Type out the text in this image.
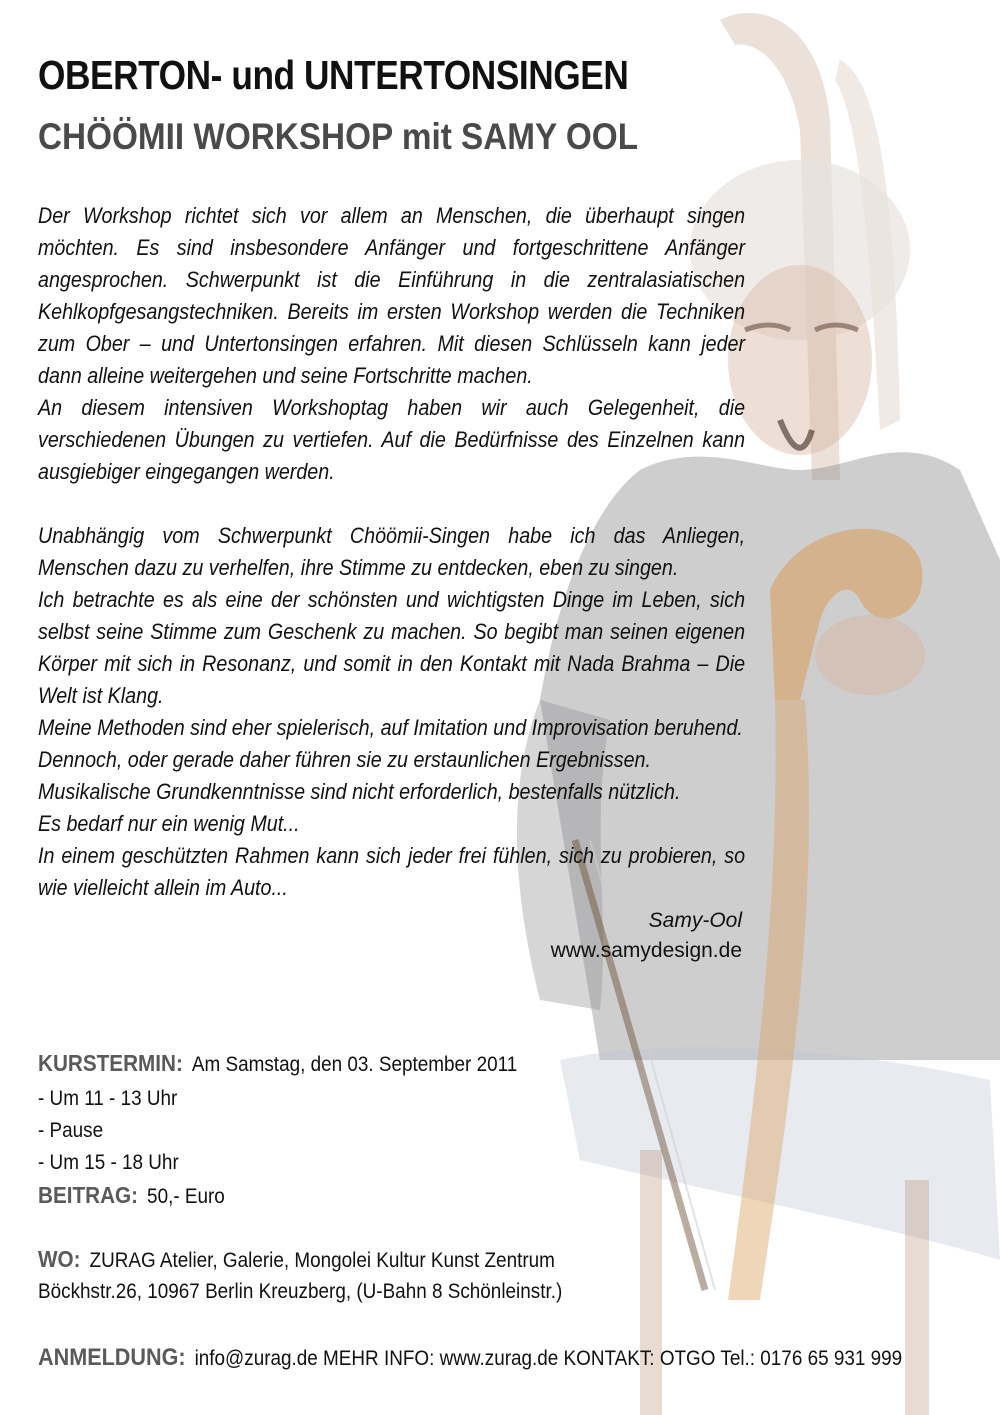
OBERTON- und UNTERTONSINGEN
CHÖÖMII WORKSHOP mit SAMY OOL

Der Workshop richtet sich vor allem an Menschen, die überhaupt singen möchten. Es sind insbesondere Anfänger und fortgeschrittene Anfänger angesprochen. Schwerpunkt ist die Einführung in die zentralasiatischen Kehlkopfgesangstechniken. Bereits im ersten Workshop werden die Techniken zum Ober – und Untertonsingen erfahren. Mit diesen Schlüsseln kann jeder dann alleine weitergehen und seine Fortschritte machen.

An diesem intensiven Workshoptag haben wir auch Gelegenheit, die verschiedenen Übungen zu vertiefen. Auf die Bedürfnisse des Einzelnen kann ausgiebiger eingegangen werden.

Unabhängig vom Schwerpunkt Chöömii-Singen habe ich das Anliegen, Menschen dazu zu verhelfen, ihre Stimme zu entdecken, eben zu singen.

Ich betrachte es als eine der schönsten und wichtigsten Dinge im Leben, sich selbst seine Stimme zum Geschenk zu machen. So begibt man seinen eigenen Körper mit sich in Resonanz, und somit in den Kontakt mit Nada Brahma – Die Welt ist Klang.

Meine Methoden sind eher spielerisch, auf Imitation und Improvisation beruhend.

Dennoch, oder gerade daher führen sie zu erstaunlichen Ergebnissen.

Musikalische Grundkenntnisse sind nicht erforderlich, bestenfalls nützlich.

Es bedarf nur ein wenig Mut...

In einem geschützten Rahmen kann sich jeder frei fühlen, sich zu probieren, so wie vielleicht allein im Auto...

Samy-Ool
www.samydesign.de
KURSTERMIN: Am Samstag, den 03. September 2011
- Um 11 - 13 Uhr
- Pause
- Um 15 - 18 Uhr
BEITRAG: 50,- Euro
WO: ZURAG Atelier, Galerie, Mongolei Kultur Kunst Zentrum
Böckhstr.26, 10967 Berlin Kreuzberg, (U-Bahn 8 Schönleinstr.)
ANMELDUNG: info@zurag.de MEHR INFO: www.zurag.de KONTAKT: OTGO Tel.: 0176 65 931 999
